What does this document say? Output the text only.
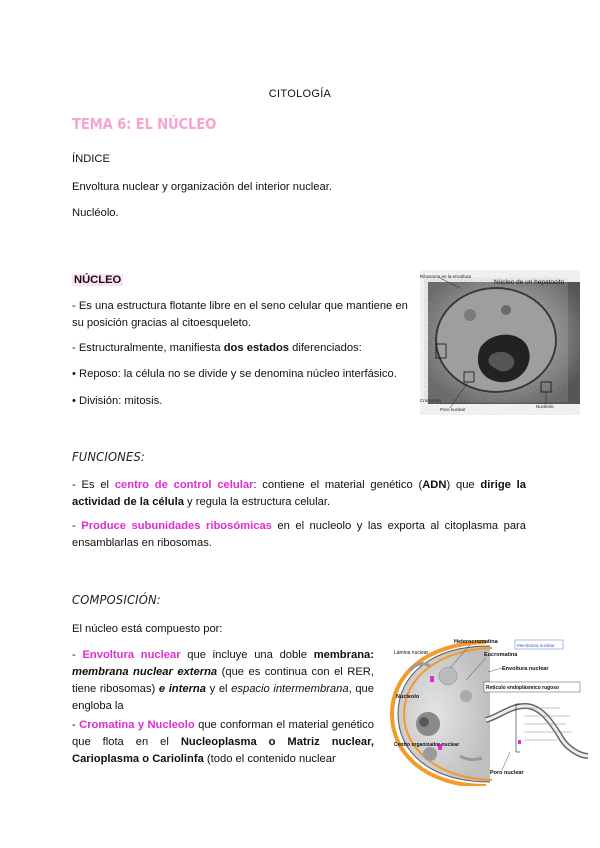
CITOLOGÍA
TEMA 6: EL NÚCLEO
ÍNDICE
Envoltura nuclear y organización del interior nuclear.
Nucléolo.
NÚCLEO
- Es una estructura flotante libre en el seno celular que mantiene en su posición gracias al citoesqueleto.
- Estructuralmente, manifiesta dos estados diferenciados:
• Reposo: la célula no se divide y se denomina núcleo interfásico.
• División: mitosis.
Ribosoma en la envoltura
Núcleo de un hepatocito
Cromatina
Poro nuclear
Nucléolo
FUNCIONES:
- Es el centro de control celular: contiene el material genético (ADN) que dirige la actividad de la célula y regula la estructura celular.
- Produce subunidades ribosómicas en el nucleolo y las exporta al citoplasma para ensamblarlas en ribosomas.
COMPOSICIÓN:
El núcleo está compuesto por:
- Envoltura nuclear que incluye una doble membrana: membrana nuclear externa (que es continua con el RER, tiene ribosomas) e interna y el espacio intermembrana, que engloba la
- Cromatina y Nucleolo que conforman el material genético que flota en el Nucleoplasma o Matriz nuclear, Carioplasma o Cariolinfa (todo el contenido nuclear
Membrana nuclear
Heterocromatina
Lámina nuclear	Eucromatina
Envoltura nuclear
Retículo endoplásmico rugoso
Nucleolo
Centro organizador nuclear
Poro nuclear
